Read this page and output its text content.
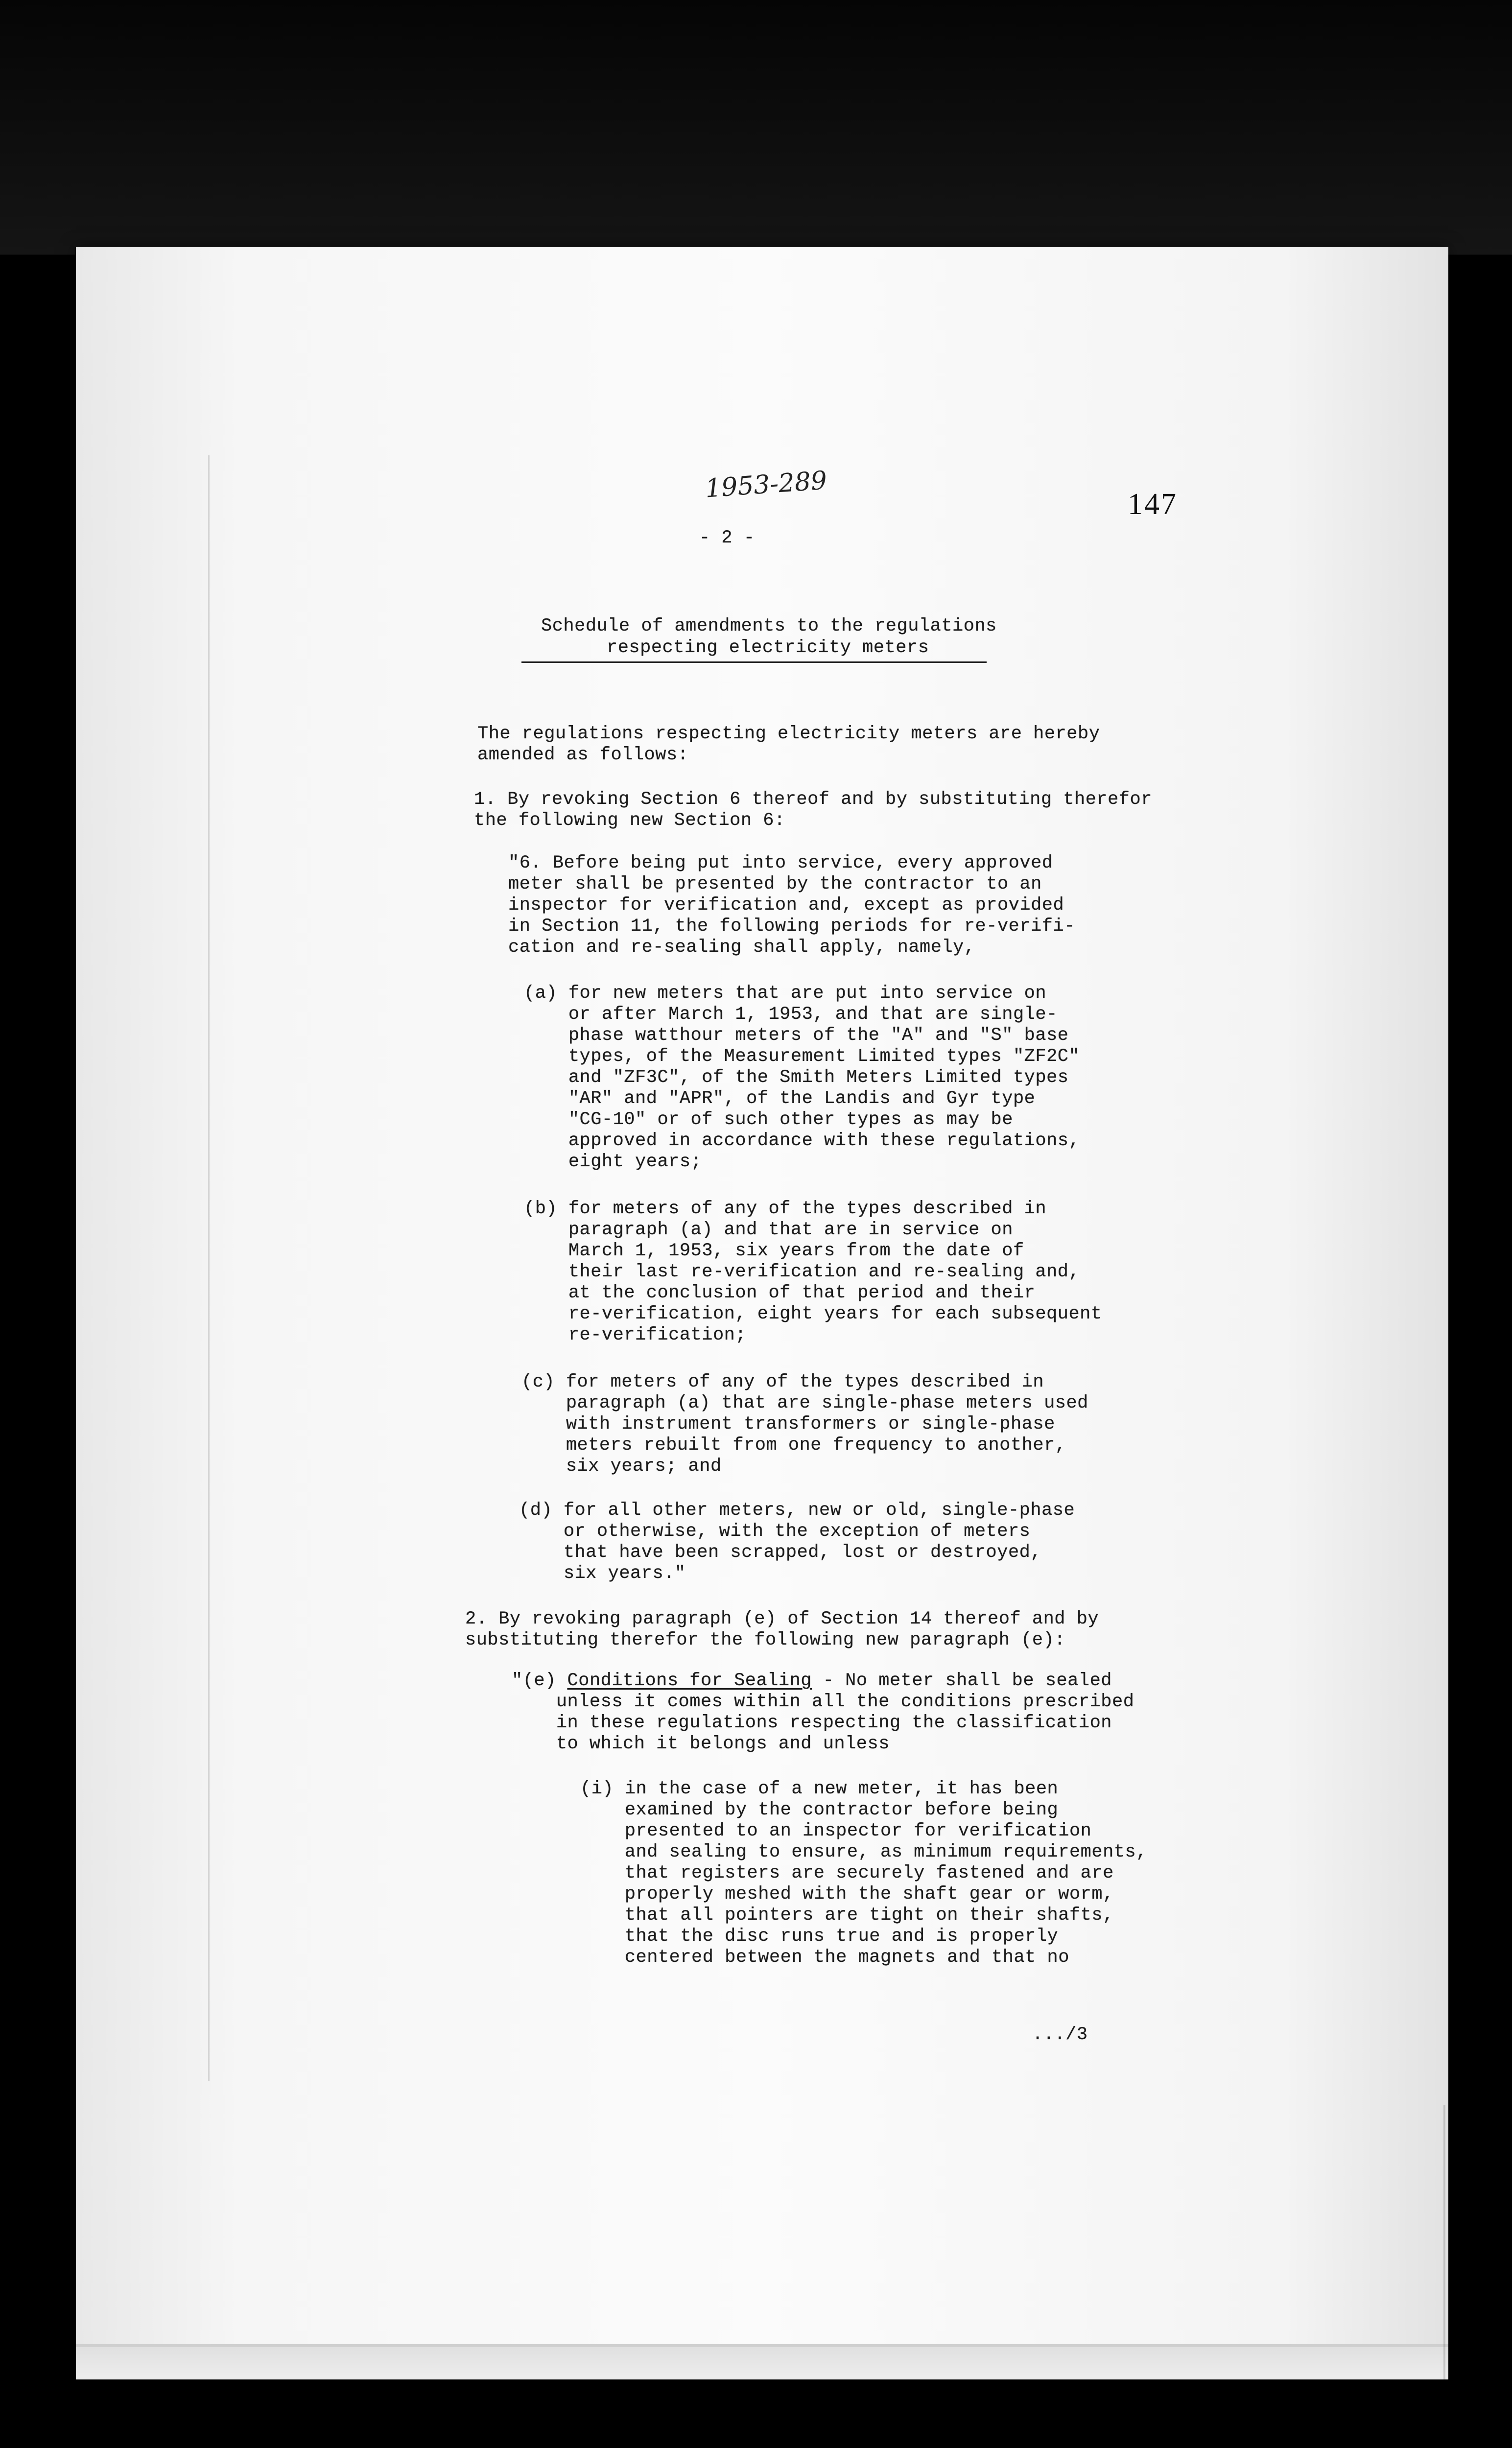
1953-289
147
- 2 -
Schedule of amendments to the regulations
respecting electricity meters
The regulations respecting electricity meters are hereby
amended as follows:
1. By revoking Section 6 thereof and by substituting therefor
the following new Section 6:
"6. Before being put into service, every approved
meter shall be presented by the contractor to an
inspector for verification and, except as provided
in Section 11, the following periods for re-verifi-
cation and re-sealing shall apply, namely,
(a) for new meters that are put into service on
or after March 1, 1953, and that are single-
phase watthour meters of the "A" and "S" base
types, of the Measurement Limited types "ZF2C"
and "ZF3C", of the Smith Meters Limited types
"AR" and "APR", of the Landis and Gyr type
"CG-10" or of such other types as may be
approved in accordance with these regulations,
eight years;
(b) for meters of any of the types described in
paragraph (a) and that are in service on
March 1, 1953, six years from the date of
their last re-verification and re-sealing and,
at the conclusion of that period and their
re-verification, eight years for each subsequent
re-verification;
(c) for meters of any of the types described in
paragraph (a) that are single-phase meters used
with instrument transformers or single-phase
meters rebuilt from one frequency to another,
six years; and
(d) for all other meters, new or old, single-phase
or otherwise, with the exception of meters
that have been scrapped, lost or destroyed,
six years."
2. By revoking paragraph (e) of Section 14 thereof and by
substituting therefor the following new paragraph (e):
"(e) Conditions for Sealing - No meter shall be sealed
unless it comes within all the conditions prescribed
in these regulations respecting the classification
to which it belongs and unless
(i) in the case of a new meter, it has been
examined by the contractor before being
presented to an inspector for verification
and sealing to ensure, as minimum requirements,
that registers are securely fastened and are
properly meshed with the shaft gear or worm,
that all pointers are tight on their shafts,
that the disc runs true and is properly
centered between the magnets and that no
.../3
